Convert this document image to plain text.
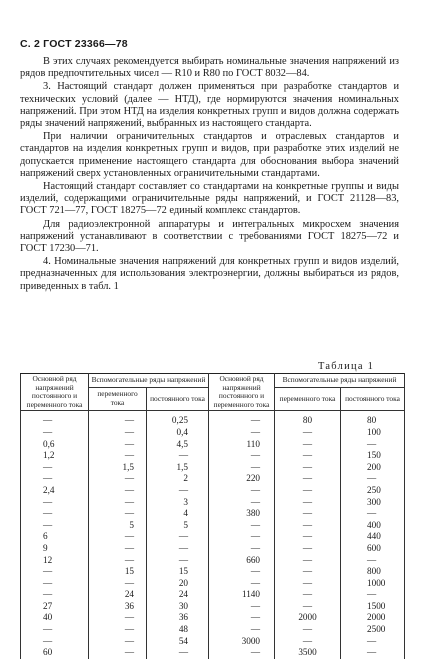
С. 2 ГОСТ 23366—78

В этих случаях рекомендуется выбирать номинальные значения напряжений из рядов предпочтительных чисел — R10 и R80 по ГОСТ 8032—84.

3. Настоящий стандарт должен применяться при разработке стандартов и технических условий (далее — НТД), где нормируются значения номинальных напряжений. При этом НТД на изделия конкретных групп и видов должна содержать ряды значений напряжений, выбранных из настоящего стандарта.

При наличии ограничительных стандартов и отраслевых стандартов и стандартов на изделия конкретных групп и видов, при разработке этих изделий не допускается применение настоящего стандарта для обоснования выбора значений напряжений сверх установленных ограничительными стандартами.

Настоящий стандарт составляет со стандартами на конкретные группы и виды изделий, содержащими ограничительные ряды напряжений, и ГОСТ 21128—83, ГОСТ 721—77, ГОСТ 18275—72 единый комплекс стандартов.

Для радиоэлектронной аппаратуры и интегральных микросхем значения напряжений устанавливают в соответствии с требованиями ГОСТ 18275—72 и ГОСТ 17230—71.

4. Номинальные значения напряжений для конкретных групп и видов изделий, предназначенных для использования электроэнергии, должны выбираться из рядов, приведенных в табл. 1

Таблица 1
Основной ряд напряжений постоянного и переменного тока	Вспомогательные ряды напряжений		Основной ряд напряжений постоянного и переменного тока	Вспомогательные ряды напряжений	
	переменного тока	постоянного тока		переменного тока	постоянного тока
—	—	0,25	—	80	80
—	—	0,4	—	—	100
0,6	—	4,5	110	—	—
1,2	—	—	—	—	150
—	1,5	1,5	—	—	200
—	—	2	220	—	—
2,4	—	—	—	—	250
—	—	3	—	—	300
—	—	4	380	—	—
—	5	5	—	—	400
6	—	—	—	—	440
9	—	—	—	—	600
12	—	—	660	—	—
—	15	15	—	—	800
—	—	20	—	—	1000
—	24	24	1140	—	—
27	36	30	—	—	1500
40	—	36	—	2000	2000
—	—	48	—	—	2500
—	—	54	3000	—	—
60	—	—	—	3500	—
